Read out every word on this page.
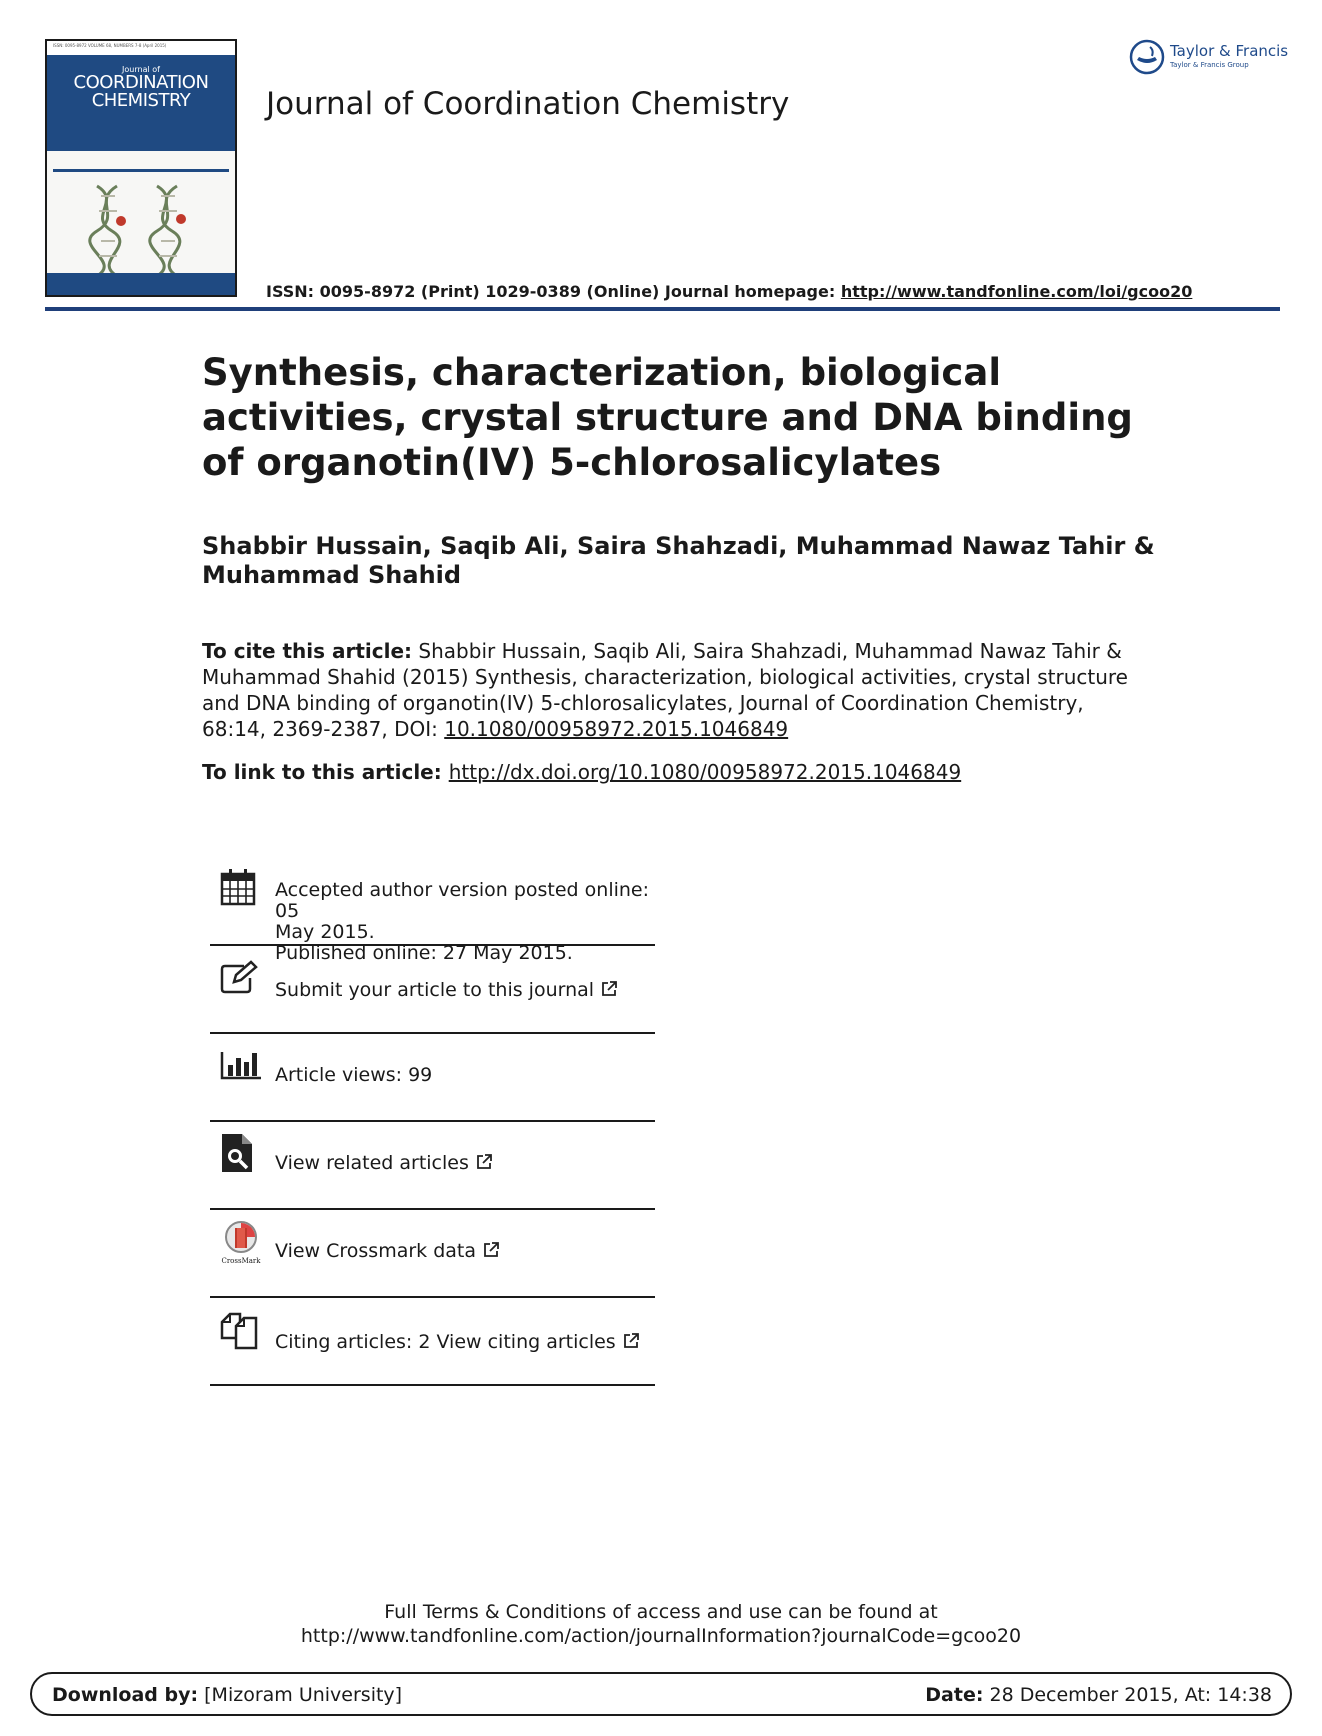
ISSN: 0095-8972 VOLUME 68, NUMBERS 7-8 (April 2015)
Journal of
COORDINATION
CHEMISTRY	Journal of Coordination Chemistry
Taylor & Francis
Taylor & Francis Group
ISSN: 0095-8972 (Print) 1029-0389 (Online) Journal homepage: http://www.tandfonline.com/loi/gcoo20
Synthesis, characterization, biological activities, crystal structure and DNA binding of organotin(IV) 5-chlorosalicylates
Shabbir Hussain, Saqib Ali, Saira Shahzadi, Muhammad Nawaz Tahir & Muhammad Shahid
To cite this article: Shabbir Hussain, Saqib Ali, Saira Shahzadi, Muhammad Nawaz Tahir & Muhammad Shahid (2015) Synthesis, characterization, biological activities, crystal structure and DNA binding of organotin(IV) 5-chlorosalicylates, Journal of Coordination Chemistry, 68:14, 2369-2387, DOI: 10.1080/00958972.2015.1046849
To link to this article: http://dx.doi.org/10.1080/00958972.2015.1046849
Accepted author version posted online: 05
May 2015.
Published online: 27 May 2015.
Submit your article to this journal
Article views: 99
View related articles
CrossMark View Crossmark data
Citing articles: 2 View citing articles
Full Terms & Conditions of access and use can be found at
http://www.tandfonline.com/action/journalInformation?journalCode=gcoo20
Download by: [Mizoram University]	Date: 28 December 2015, At: 14:38
